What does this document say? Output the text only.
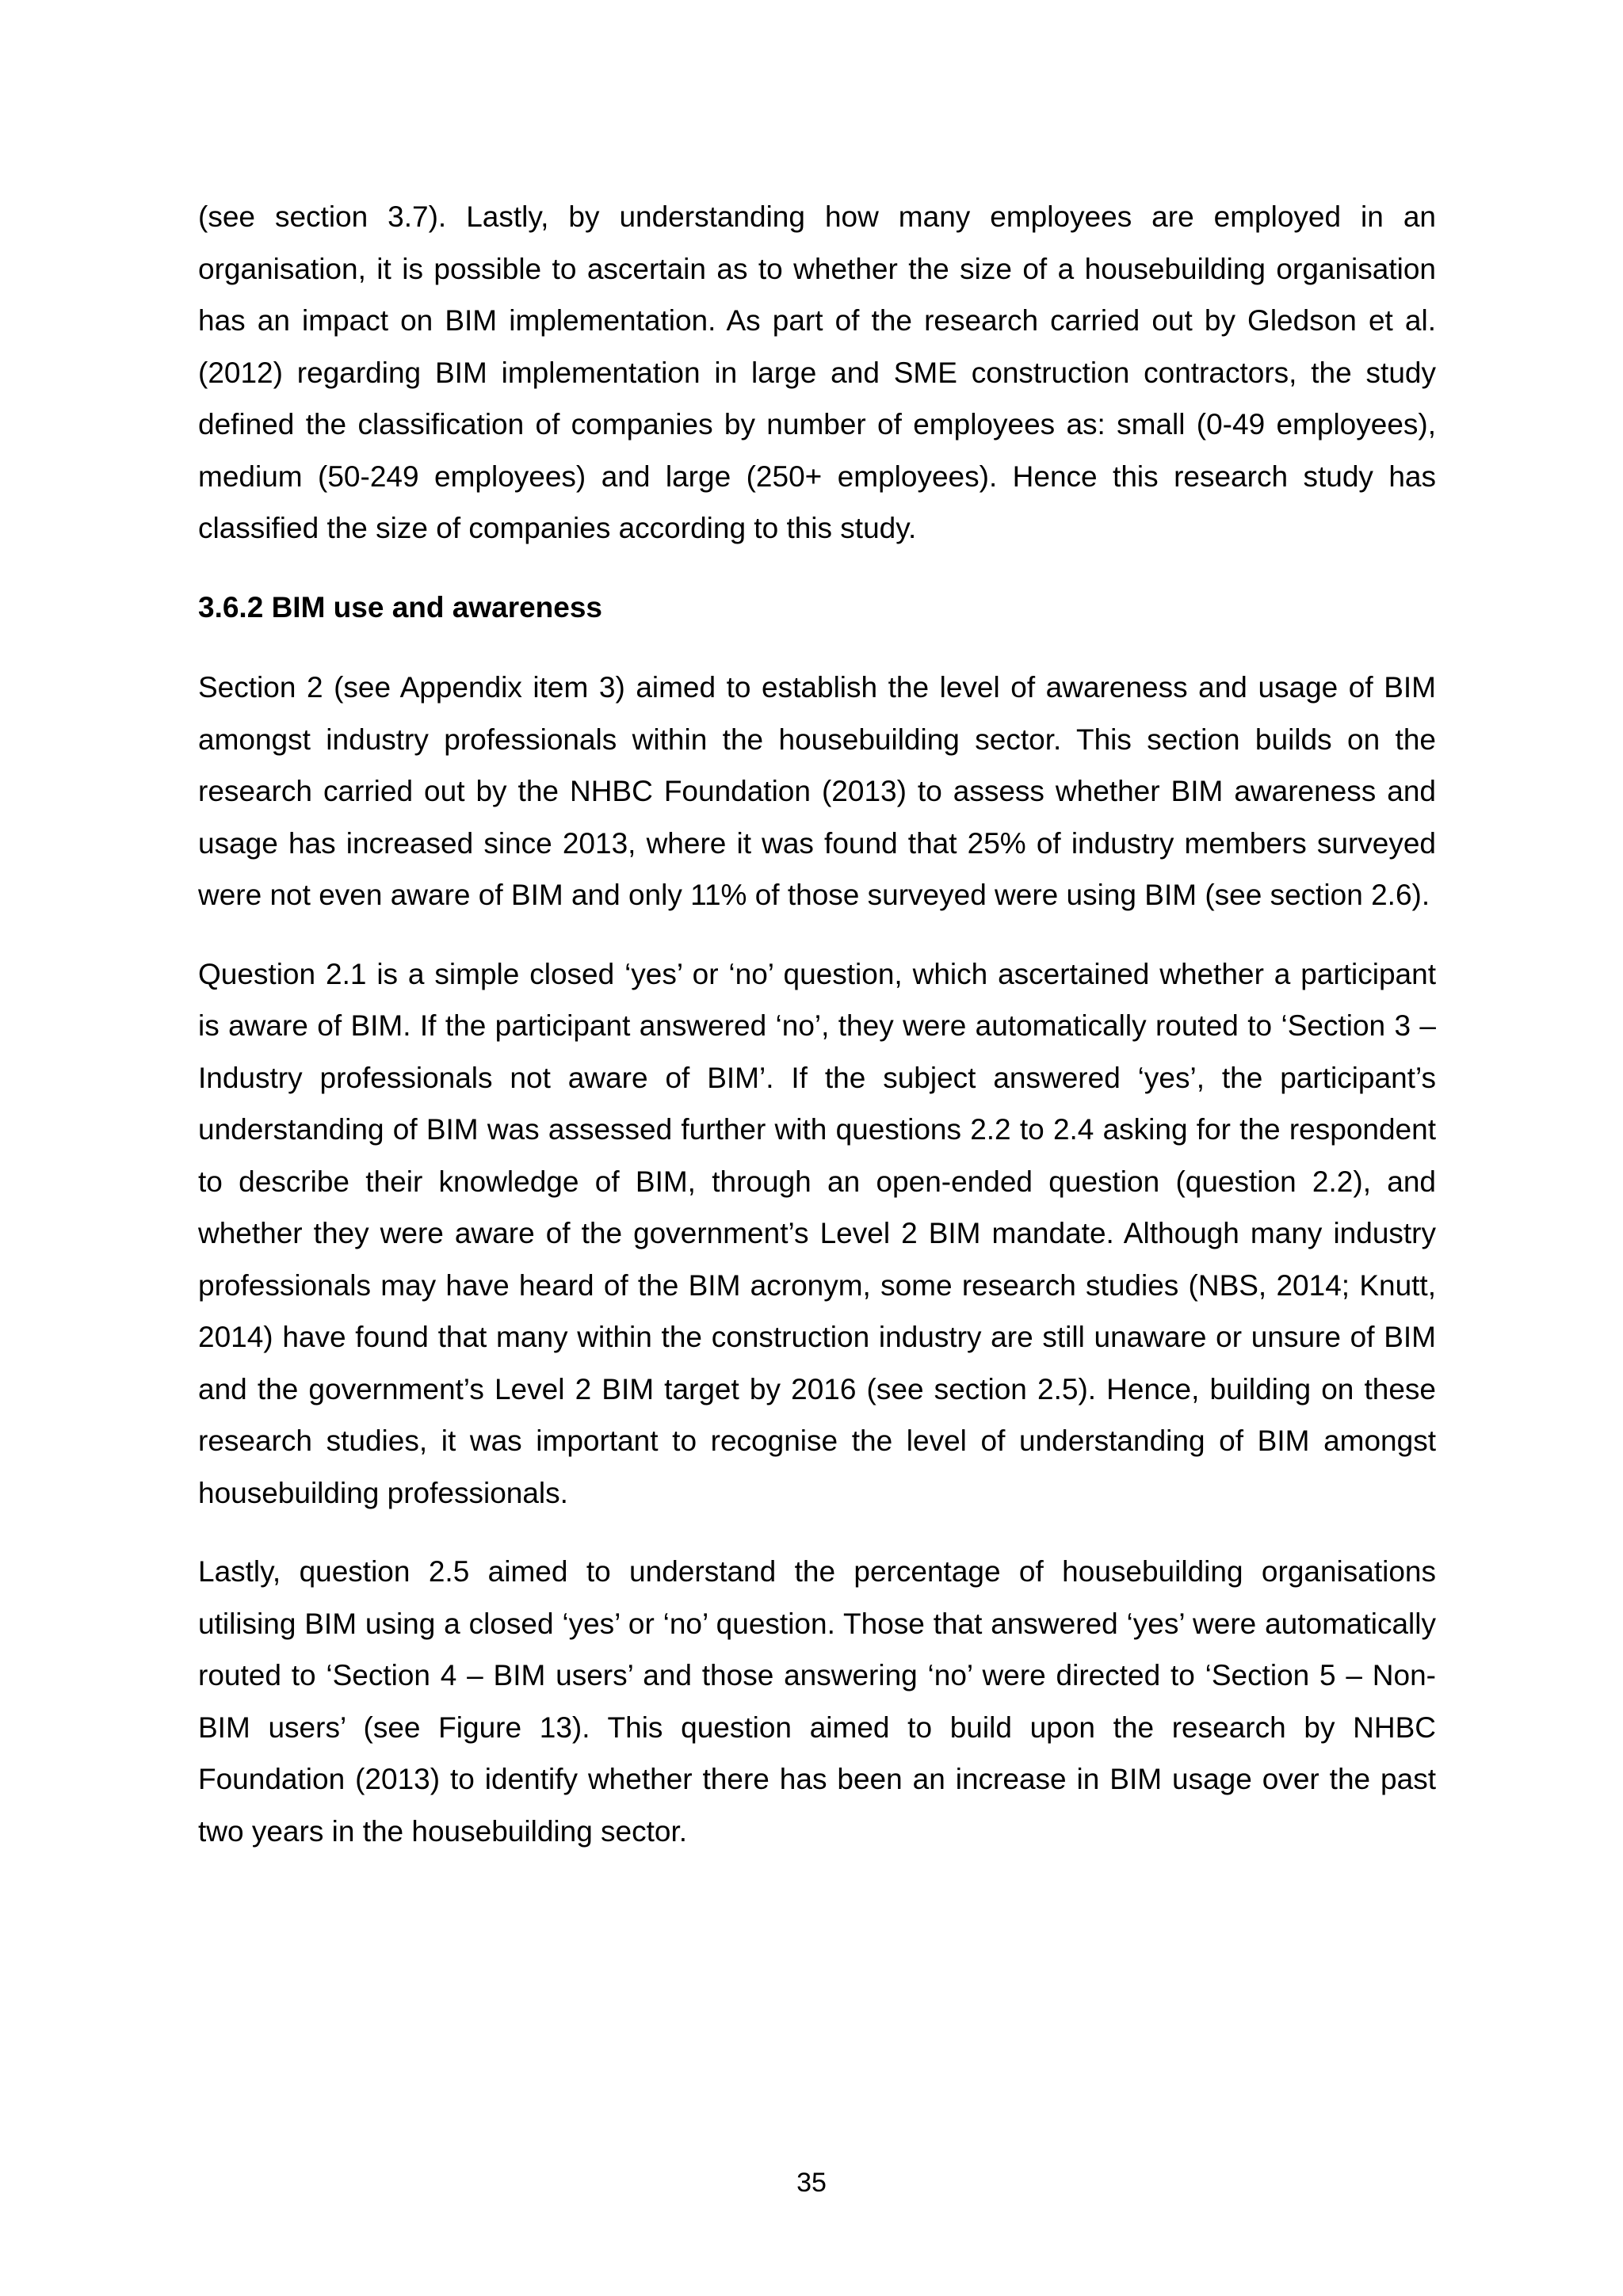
(see section 3.7). Lastly, by understanding how many employees are employed in an organisation, it is possible to ascertain as to whether the size of a housebuilding organisation has an impact on BIM implementation. As part of the research carried out by Gledson et al. (2012) regarding BIM implementation in large and SME construction contractors, the study defined the classification of companies by number of employees as: small (0-49 employees), medium (50-249 employees) and large (250+ employees). Hence this research study has classified the size of companies according to this study.

3.6.2 BIM use and awareness

Section 2 (see Appendix item 3) aimed to establish the level of awareness and usage of BIM amongst industry professionals within the housebuilding sector. This section builds on the research carried out by the NHBC Foundation (2013) to assess whether BIM awareness and usage has increased since 2013, where it was found that 25% of industry members surveyed were not even aware of BIM and only 11% of those surveyed were using BIM (see section 2.6).

Question 2.1 is a simple closed ‘yes’ or ‘no’ question, which ascertained whether a participant is aware of BIM. If the participant answered ‘no’, they were automatically routed to ‘Section 3 – Industry professionals not aware of BIM’. If the subject answered ‘yes’, the participant’s understanding of BIM was assessed further with questions 2.2 to 2.4 asking for the respondent to describe their knowledge of BIM, through an open-ended question (question 2.2), and whether they were aware of the government’s Level 2 BIM mandate. Although many industry professionals may have heard of the BIM acronym, some research studies (NBS, 2014; Knutt, 2014) have found that many within the construction industry are still unaware or unsure of BIM and the government’s Level 2 BIM target by 2016 (see section 2.5). Hence, building on these research studies, it was important to recognise the level of understanding of BIM amongst housebuilding professionals.

Lastly, question 2.5 aimed to understand the percentage of housebuilding organisations utilising BIM using a closed ‘yes’ or ‘no’ question. Those that answered ‘yes’ were automatically routed to ‘Section 4 – BIM users’ and those answering ‘no’ were directed to ‘Section 5 – Non-BIM users’ (see Figure 13). This question aimed to build upon the research by NHBC Foundation (2013) to identify whether there has been an increase in BIM usage over the past two years in the housebuilding sector.

35
